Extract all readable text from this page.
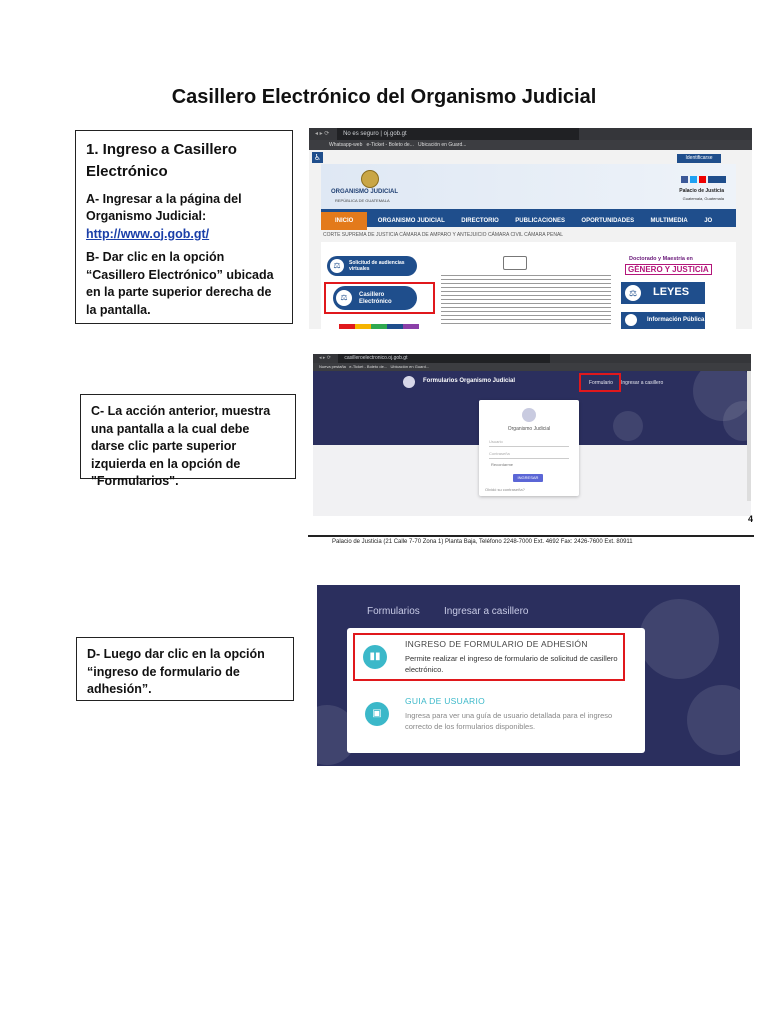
Casillero Electrónico del Organismo Judicial
1. Ingreso a Casillero Electrónico

A- Ingresar a la página del Organismo Judicial:
http://www.oj.gob.gt/

B- Dar clic en la opción “Casillero Electrónico” ubicada en la parte superior derecha de la pantalla.

◂ ▸ ⟳ No es seguro | oj.gob.gt
Whatsapp-web e-Ticket - Boleto de... Ubicación en Guard...
♿	Identificarse
ORGANISMO JUDICIAL
REPÚBLICA DE GUATEMALA
Palacio de Justicia
Guatemala, Guatemala
INICIO	ORGANISMO JUDICIAL	DIRECTORIO	PUBLICACIONES	OPORTUNIDADES	MULTIMEDIA	JO
CORTE SUPREMA DE JUSTICIA CÁMARA DE AMPARO Y ANTEJUICIO CÁMARA CIVIL CÁMARA PENAL
⚖	Solicitud de audiencias virtuales
⚖	Casillero Electrónico
Doctorado y Maestría en
GÉNERO Y JUSTICIA
⚖	LEYES
Información Pública

C- La acción anterior, muestra una pantalla a la cual debe darse clic parte superior izquierda en la opción de "Formularios".

◂ ▸ ⟳	casilleroelectronico.oj.gob.gt
Nueva pestaña e-Ticket - Boleto de... Ubicación en Guard...
Formularios Organismo Judicial	Formulario Ingresar a casillero
Organismo Judicial
Usuario
Contraseña
Recordarme
INGRESAR
Olvidó su contraseña?
4
Palacio de Justicia (21 Calle 7-70 Zona 1) Planta Baja, Teléfono 2248-7000 Ext. 4692 Fax: 2426-7600 Ext. 80911

D- Luego dar clic en la opción “ingreso de formulario de adhesión”.

Formularios Ingresar a casillero
▮▮
INGRESO DE FORMULARIO DE ADHESIÓN
Permite realizar el ingreso de formulario de solicitud de casillero electrónico.
▣
GUIA DE USUARIO
Ingresa para ver una guía de usuario detallada para el ingreso correcto de los formularios disponibles.
